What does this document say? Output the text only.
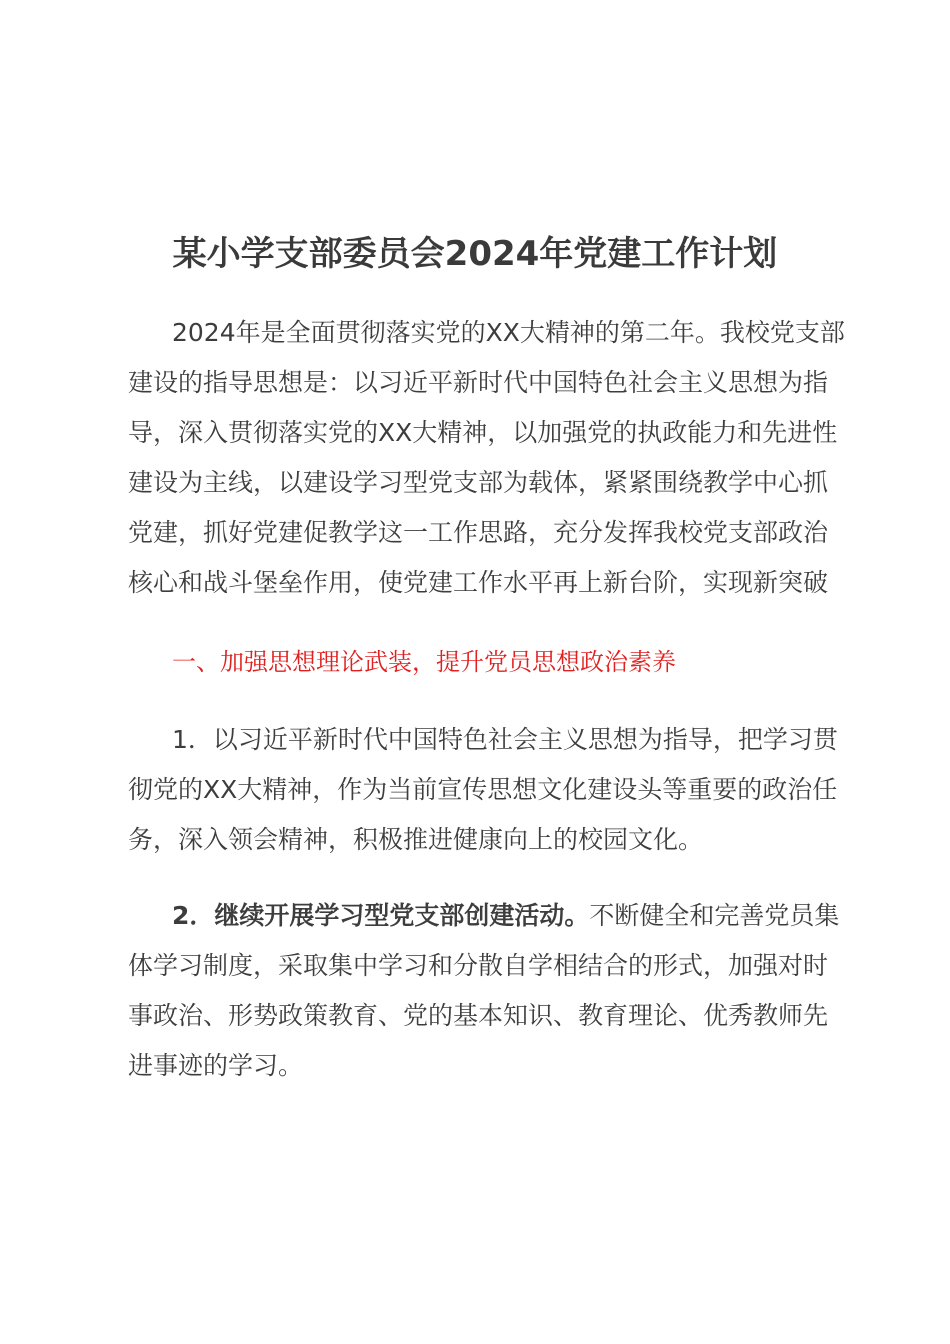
某小学支部委员会2024年党建工作计划
2024年是全面贯彻落实党的XX大精神的第二年。我校党支部
建设的指导思想是：以习近平新时代中国特色社会主义思想为指
导，深入贯彻落实党的XX大精神，以加强党的执政能力和先进性
建设为主线，以建设学习型党支部为载体，紧紧围绕教学中心抓
党建，抓好党建促教学这一工作思路，充分发挥我校党支部政治
核心和战斗堡垒作用，使党建工作水平再上新台阶，实现新突破
一、加强思想理论武装，提升党员思想政治素养
1．以习近平新时代中国特色社会主义思想为指导，把学习贯
彻党的XX大精神，作为当前宣传思想文化建设头等重要的政治任
务，深入领会精神，积极推进健康向上的校园文化。
2．继续开展学习型党支部创建活动。不断健全和完善党员集
体学习制度，采取集中学习和分散自学相结合的形式，加强对时
事政治、形势政策教育、党的基本知识、教育理论、优秀教师先
进事迹的学习。
